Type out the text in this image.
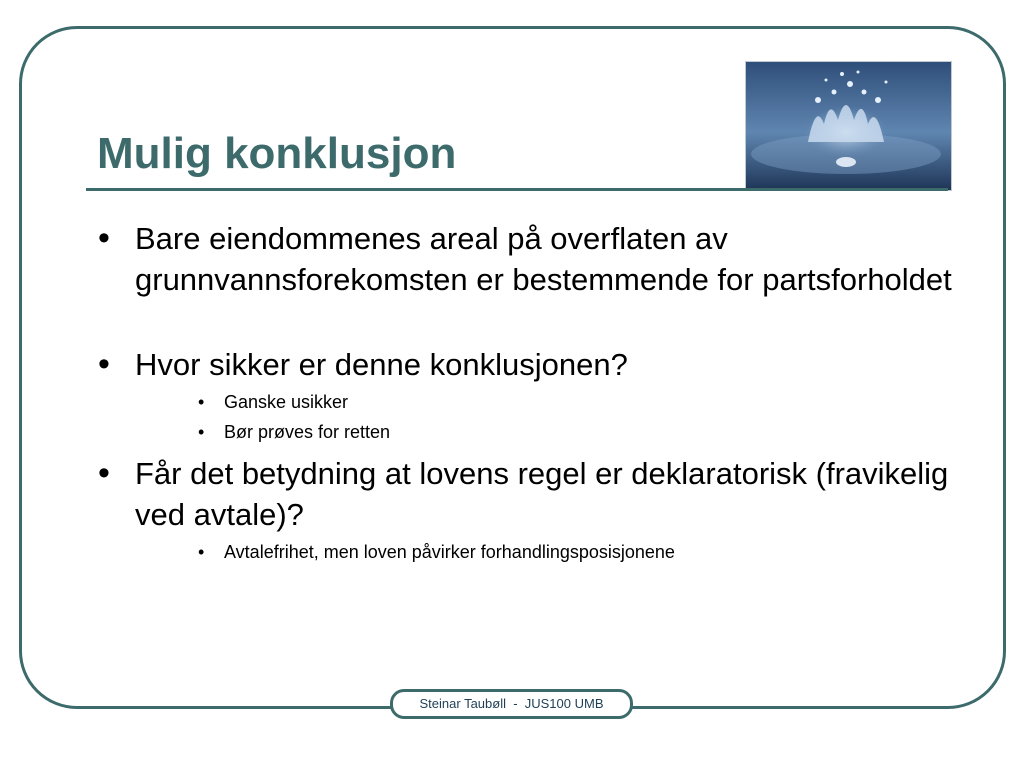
Mulig konklusjon
• Bare eiendommenes areal på overflaten av grunnvannsforekomsten er bestemmende for partsforholdet
• Hvor sikker er denne konklusjonen?
• Ganske usikker
• Bør prøves for retten
• Får det betydning at lovens regel er deklaratorisk (fravikelig ved avtale)?
• Avtalefrihet, men loven påvirker forhandlingsposisjonene
Steinar Taubøll  -  JUS100 UMB
